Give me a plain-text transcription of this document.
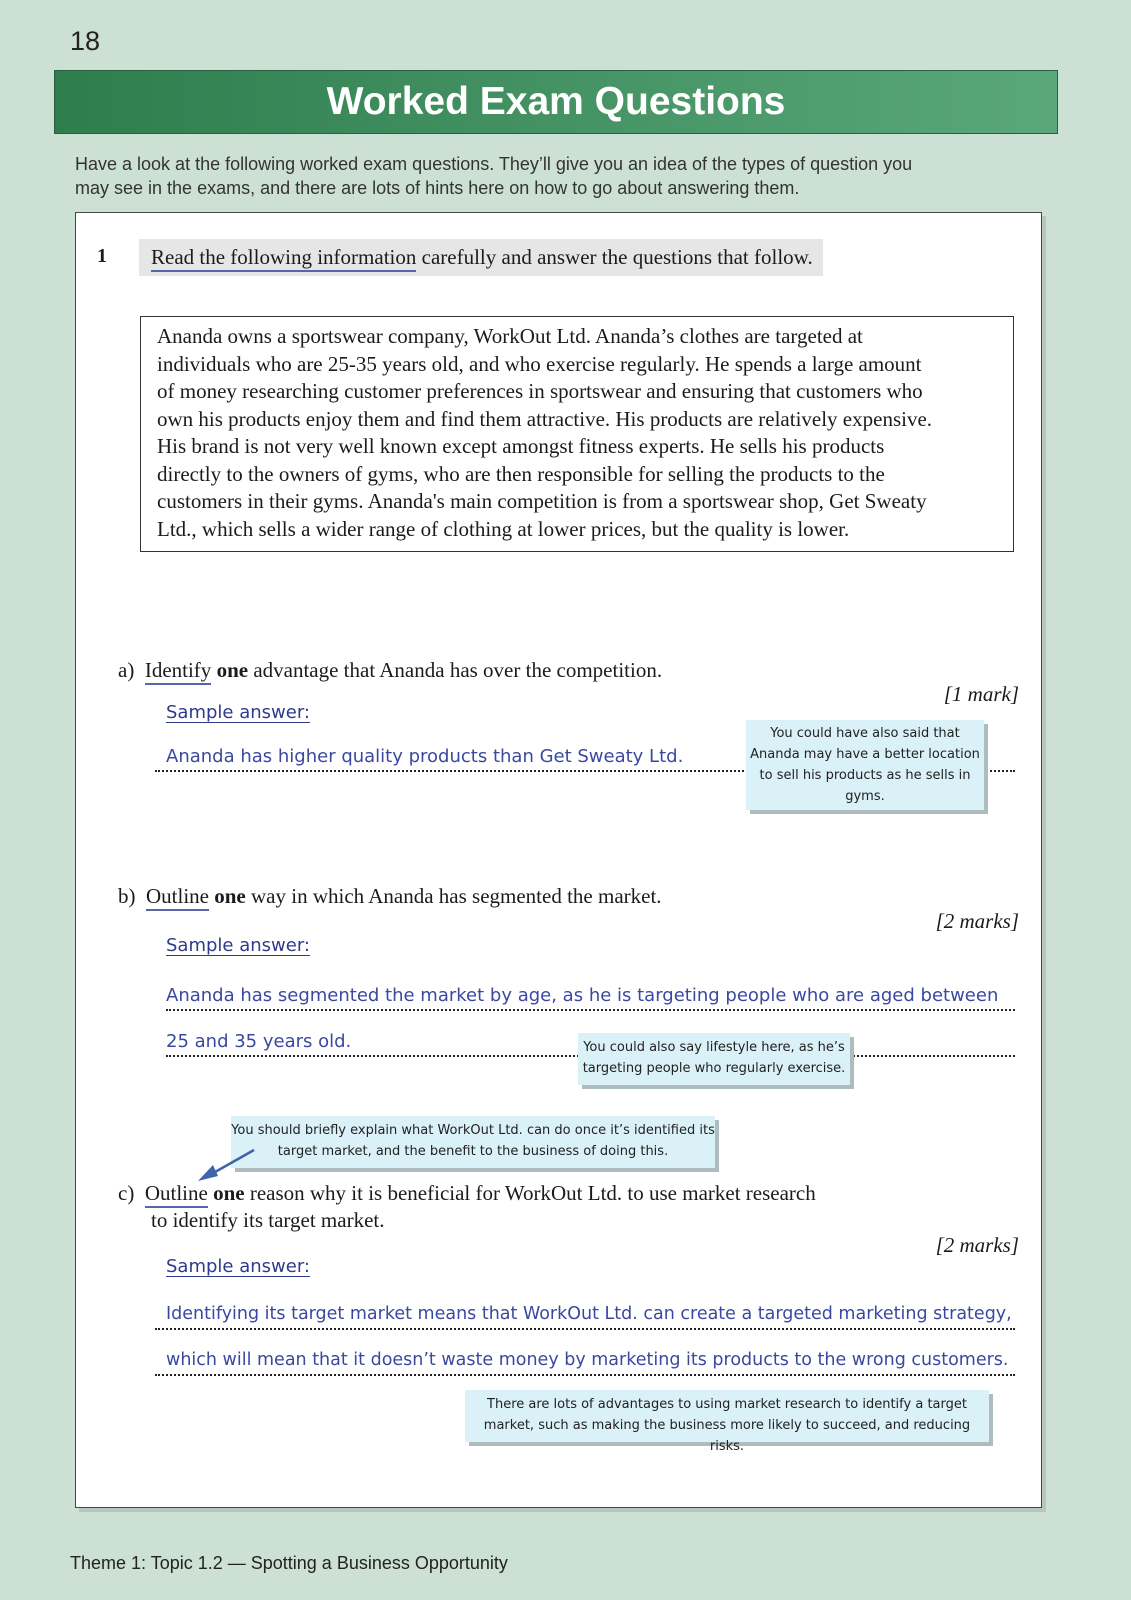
18
Worked Exam Questions
Have a look at the following worked exam questions. They’ll give you an idea of the types of question you
may see in the exams, and there are lots of hints here on how to go about answering them.
1	Read the following information carefully and answer the questions that follow.
Ananda owns a sportswear company, WorkOut Ltd. Ananda’s clothes are targeted at
individuals who are 25-35 years old, and who exercise regularly. He spends a large amount
of money researching customer preferences in sportswear and ensuring that customers who
own his products enjoy them and find them attractive. His products are relatively expensive.
His brand is not very well known except amongst fitness experts. He sells his products
directly to the owners of gyms, who are then responsible for selling the products to the
customers in their gyms. Ananda's main competition is from a sportswear shop, Get Sweaty
Ltd., which sells a wider range of clothing at lower prices, but the quality is lower.
a) Identify one advantage that Ananda has over the competition.
[1 mark]
Sample answer:
Ananda has higher quality products than Get Sweaty Ltd.
You could have also said that Ananda may have a better location to sell his products as he sells in gyms.
b) Outline one way in which Ananda has segmented the market.
[2 marks]
Sample answer:
Ananda has segmented the market by age, as he is targeting people who are aged between
25 and 35 years old.	You could also say lifestyle here, as he’s targeting people who regularly exercise.
You should briefly explain what WorkOut Ltd. can do once it’s identified its target market, and the benefit to the business of doing this.
c) Outline one reason why it is beneficial for WorkOut Ltd. to use market research
to identify its target market.
[2 marks]
Sample answer:
Identifying its target market means that WorkOut Ltd. can create a targeted marketing strategy,
which will mean that it doesn’t waste money by marketing its products to the wrong customers.
There are lots of advantages to using market research to identify a target market, such as making the business more likely to succeed, and reducing risks.
Theme 1: Topic 1.2 — Spotting a Business Opportunity
